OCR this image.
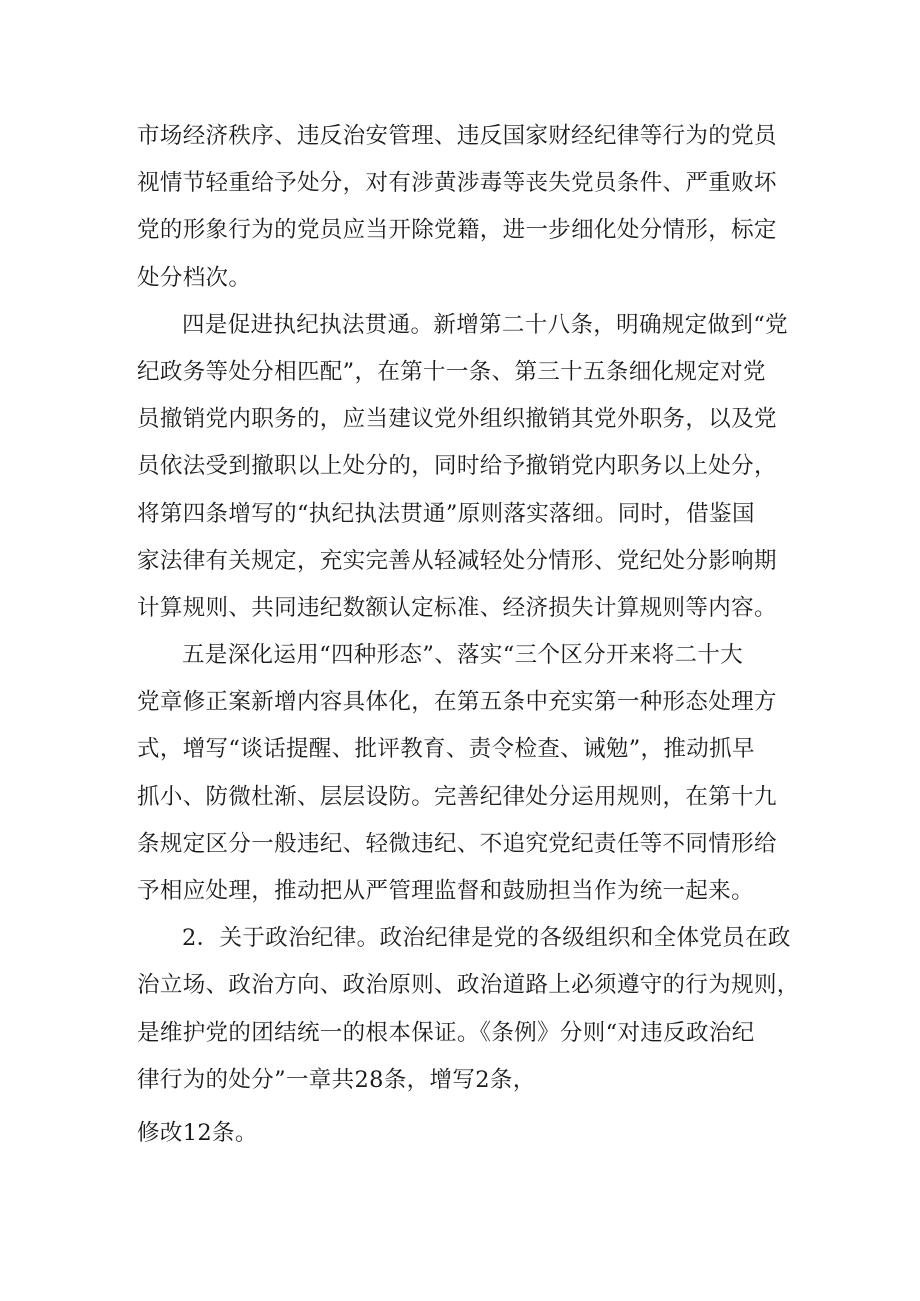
市场经济秩序、违反治安管理、违反国家财经纪律等行为的党员
视情节轻重给予处分，对有涉黄涉毒等丧失党员条件、严重败坏
党的形象行为的党员应当开除党籍，进一步细化处分情形，标定
处分档次。
四是促进执纪执法贯通。新增第二十八条，明确规定做到“党
纪政务等处分相匹配”，在第十一条、第三十五条细化规定对党
员撤销党内职务的，应当建议党外组织撤销其党外职务，以及党
员依法受到撤职以上处分的，同时给予撤销党内职务以上处分，
将第四条增写的“执纪执法贯通”原则落实落细。同时，借鉴国
家法律有关规定，充实完善从轻减轻处分情形、党纪处分影响期
计算规则、共同违纪数额认定标准、经济损失计算规则等内容。
五是深化运用“四种形态”、落实“三个区分开来将二十大
党章修正案新增内容具体化，在第五条中充实第一种形态处理方
式，增写“谈话提醒、批评教育、责令检查、诫勉”，推动抓早
抓小、防微杜渐、层层设防。完善纪律处分运用规则，在第十九
条规定区分一般违纪、轻微违纪、不追究党纪责任等不同情形给
予相应处理，推动把从严管理监督和鼓励担当作为统一起来。
2．关于政治纪律。政治纪律是党的各级组织和全体党员在政
治立场、政治方向、政治原则、政治道路上必须遵守的行为规则，
是维护党的团结统一的根本保证。《条例》分则“对违反政治纪
律行为的处分”一章共28条，增写2条，
修改12条。
